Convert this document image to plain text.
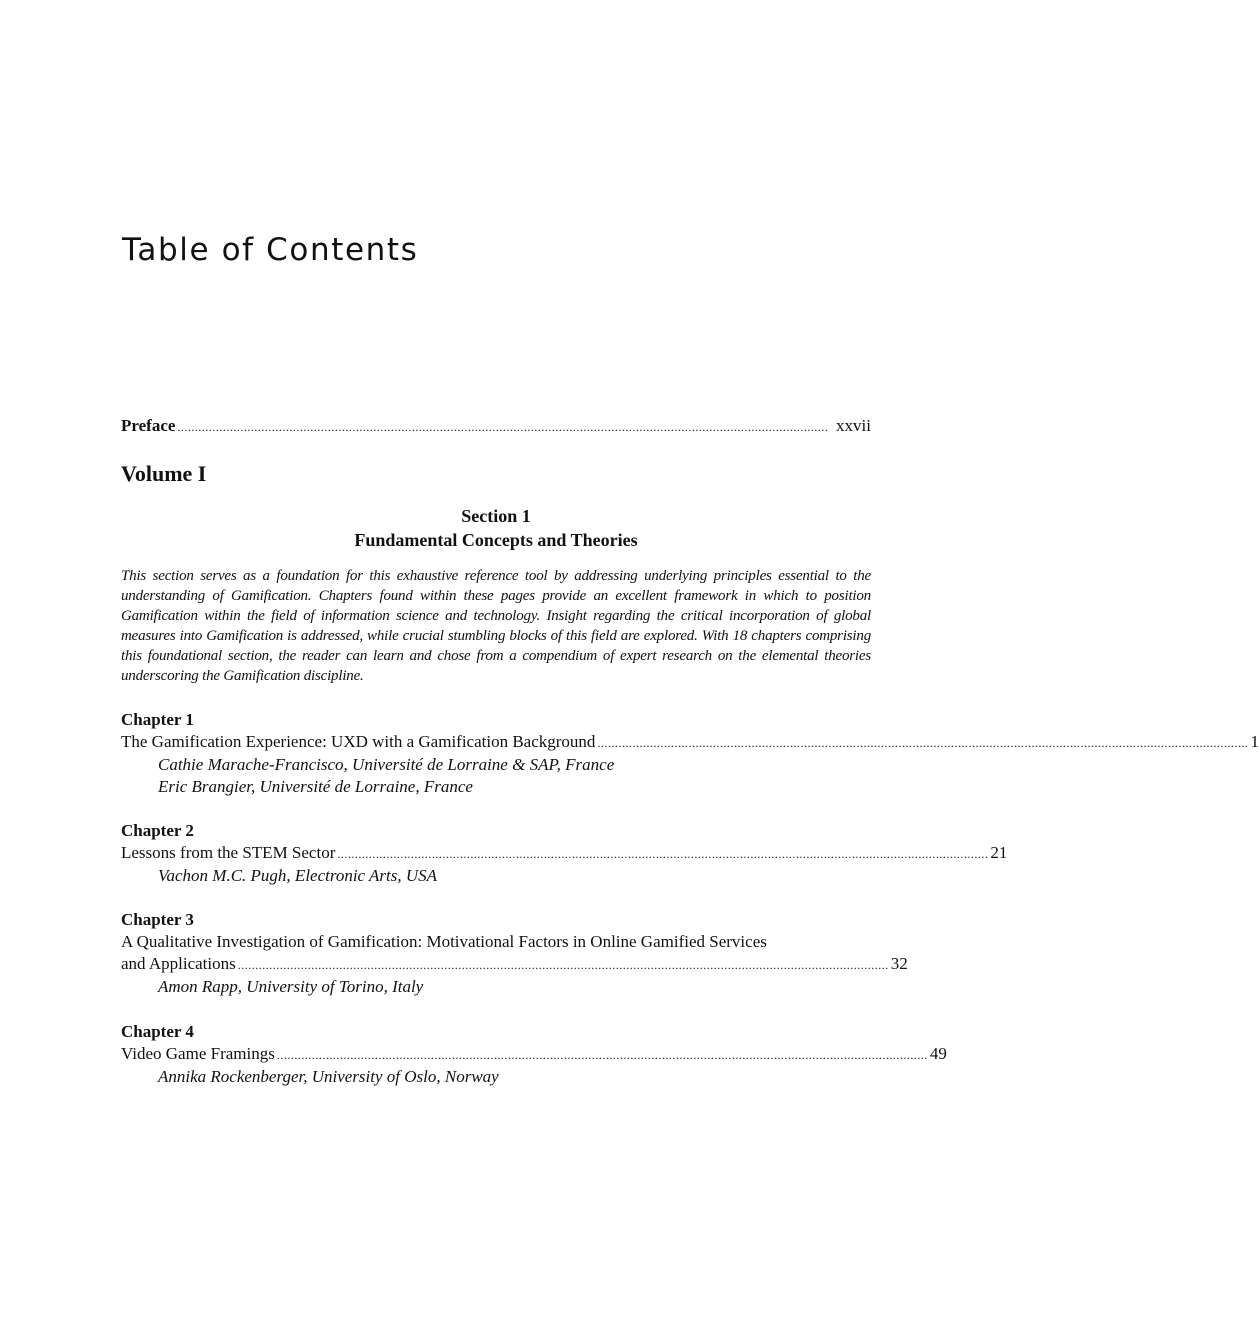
Table of Contents
Preface .......................................................................................................................................................................................... xxvii
Volume I
Section 1
Fundamental Concepts and Theories

This section serves as a foundation for this exhaustive reference tool by addressing underlying principles essential to the understanding of Gamification. Chapters found within these pages provide an excellent framework in which to position Gamification within the field of information science and technology. Insight regarding the critical incorporation of global measures into Gamification is addressed, while crucial stumbling blocks of this field are explored. With 18 chapters comprising this foundational section, the reader can learn and chose from a compendium of expert research on the elemental theories underscoring the Gamification discipline.

Chapter 1
The Gamification Experience: UXD with a Gamification Background .......................................................................................................................................................................................... 1
Cathie Marache-Francisco, Université de Lorraine & SAP, France
Eric Brangier, Université de Lorraine, France
Chapter 2
Lessons from the STEM Sector .......................................................................................................................................................................................... 21
Vachon M.C. Pugh, Electronic Arts, USA
Chapter 3
A Qualitative Investigation of Gamification: Motivational Factors in Online Gamified Services
and Applications .......................................................................................................................................................................................... 32
Amon Rapp, University of Torino, Italy
Chapter 4
Video Game Framings .......................................................................................................................................................................................... 49
Annika Rockenberger, University of Oslo, Norway
